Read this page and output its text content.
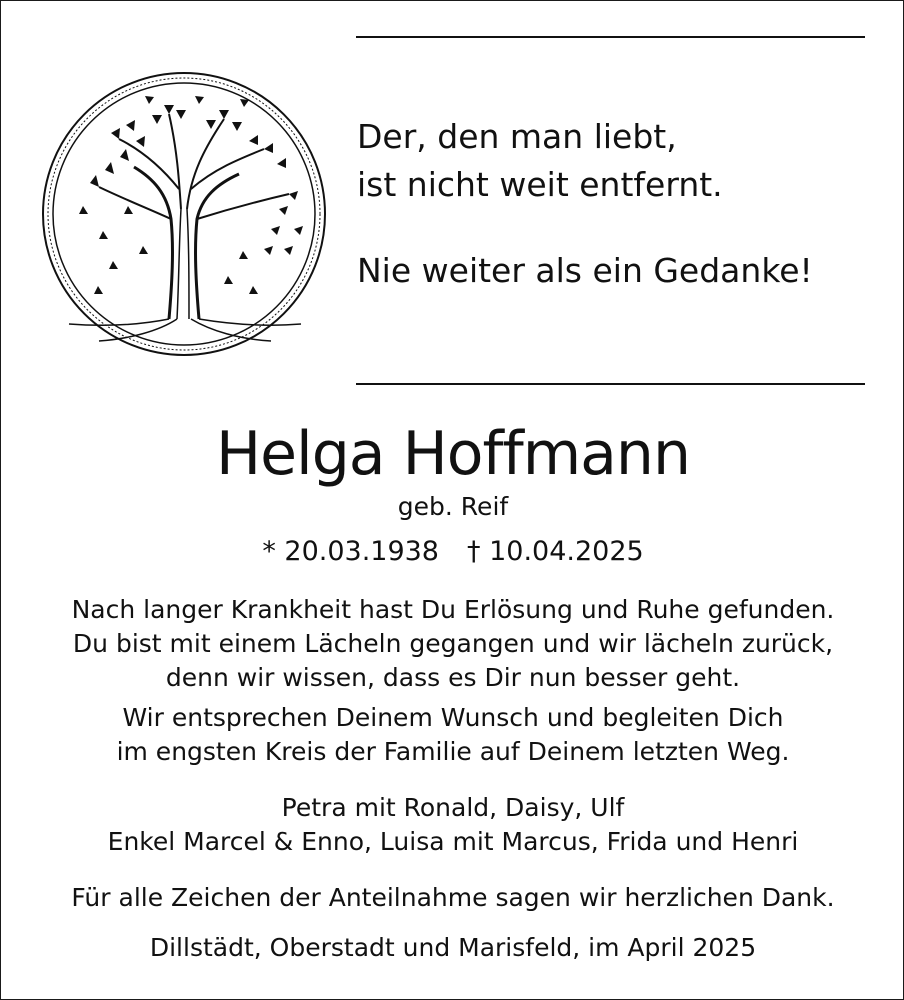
Der, den man liebt,

ist nicht weit entfernt.

Nie weiter als ein Gedanke!

Helga Hoffmann
geb. Reif
* 20.03.1938 † 10.04.2025

Nach langer Krankheit hast Du Erlösung und Ruhe gefunden.

Du bist mit einem Lächeln gegangen und wir lächeln zurück,

denn wir wissen, dass es Dir nun besser geht.

Wir entsprechen Deinem Wunsch und begleiten Dich

im engsten Kreis der Familie auf Deinem letzten Weg.

Petra mit Ronald, Daisy, Ulf

Enkel Marcel & Enno, Luisa mit Marcus, Frida und Henri

Für alle Zeichen der Anteilnahme sagen wir herzlichen Dank.
Dillstädt, Oberstadt und Marisfeld, im April 2025
